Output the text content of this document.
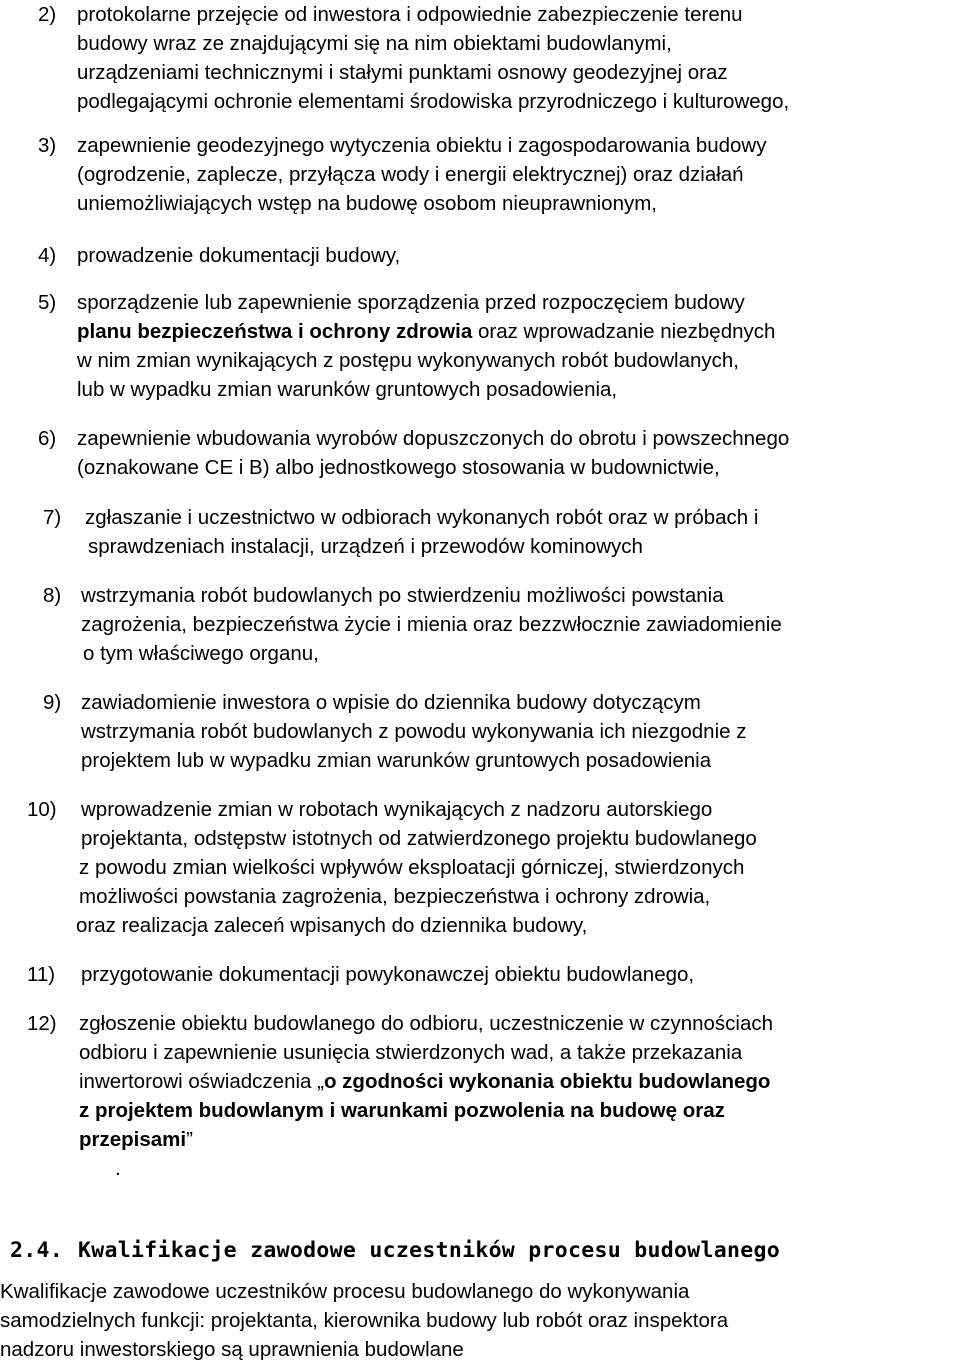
2) protokolarne przejęcie od inwestora i odpowiednie zabezpieczenie terenu
budowy wraz ze znajdującymi się na nim obiektami budowlanymi,
urządzeniami technicznymi i stałymi punktami osnowy geodezyjnej oraz
podlegającymi ochronie elementami środowiska przyrodniczego i kulturowego,
3) zapewnienie geodezyjnego wytyczenia obiektu i zagospodarowania budowy
(ogrodzenie, zaplecze, przyłącza wody i energii elektrycznej) oraz działań
uniemożliwiających wstęp na budowę osobom nieuprawnionym,
4) prowadzenie dokumentacji budowy,
5) sporządzenie lub zapewnienie sporządzenia przed rozpoczęciem budowy
planu bezpieczeństwa i ochrony zdrowia oraz wprowadzanie niezbędnych
w nim zmian wynikających z postępu wykonywanych robót budowlanych,
lub w wypadku zmian warunków gruntowych posadowienia,
6) zapewnienie wbudowania wyrobów dopuszczonych do obrotu i powszechnego
(oznakowane CE i B) albo jednostkowego stosowania w budownictwie,
7) zgłaszanie i uczestnictwo w odbiorach wykonanych robót oraz w próbach i
sprawdzeniach instalacji, urządzeń i przewodów kominowych
8) wstrzymania robót budowlanych po stwierdzeniu możliwości powstania
zagrożenia, bezpieczeństwa życie i mienia oraz bezzwłocznie zawiadomienie
o tym właściwego organu,
9) zawiadomienie inwestora o wpisie do dziennika budowy dotyczącym
wstrzymania robót budowlanych z powodu wykonywania ich niezgodnie z
projektem lub w wypadku zmian warunków gruntowych posadowienia
10) wprowadzenie zmian w robotach wynikających z nadzoru autorskiego
projektanta, odstępstw istotnych od zatwierdzonego projektu budowlanego
z powodu zmian wielkości wpływów eksploatacji górniczej, stwierdzonych
możliwości powstania zagrożenia, bezpieczeństwa i ochrony zdrowia,
oraz realizacja zaleceń wpisanych do dziennika budowy,
11) przygotowanie dokumentacji powykonawczej obiektu budowlanego,
12) zgłoszenie obiektu budowlanego do odbioru, uczestniczenie w czynnościach
odbioru i zapewnienie usunięcia stwierdzonych wad, a także przekazania
inwertorowi oświadczenia „o zgodności wykonania obiektu budowlanego
z projektem budowlanym i warunkami pozwolenia na budowę oraz
przepisami”
.
Kwalifikacje zawodowe uczestników procesu budowlanego do wykonywania
samodzielnych funkcji: projektanta, kierownika budowy lub robót oraz inspektora
nadzoru inwestorskiego są uprawnienia budowlane
2.4. Kwalifikacje zawodowe uczestników procesu budowlanego
